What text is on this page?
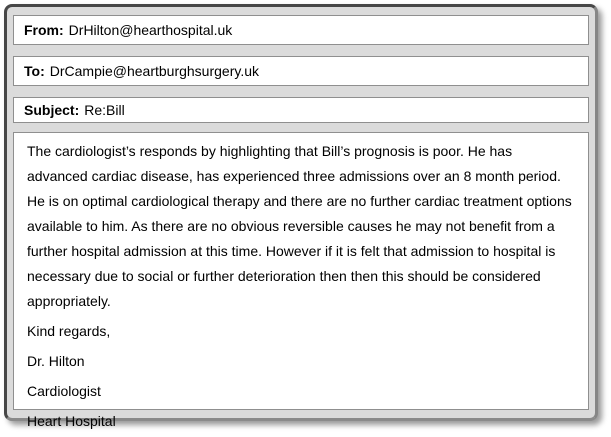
From: DrHilton@hearthospital.uk
To: DrCampie@heartburghsurgery.uk
Subject: Re:Bill

The cardiologist’s responds by highlighting that Bill’s prognosis is poor. He has advanced cardiac disease, has experienced three admissions over an 8 month period. He is on optimal cardiological therapy and there are no further cardiac treatment options available to him. As there are no obvious reversible causes he may not benefit from a further hospital admission at this time. However if it is felt that admission to hospital is necessary due to social or further deterioration then then this should be considered appropriately.

Kind regards,

Dr. Hilton

Cardiologist

Heart Hospital
